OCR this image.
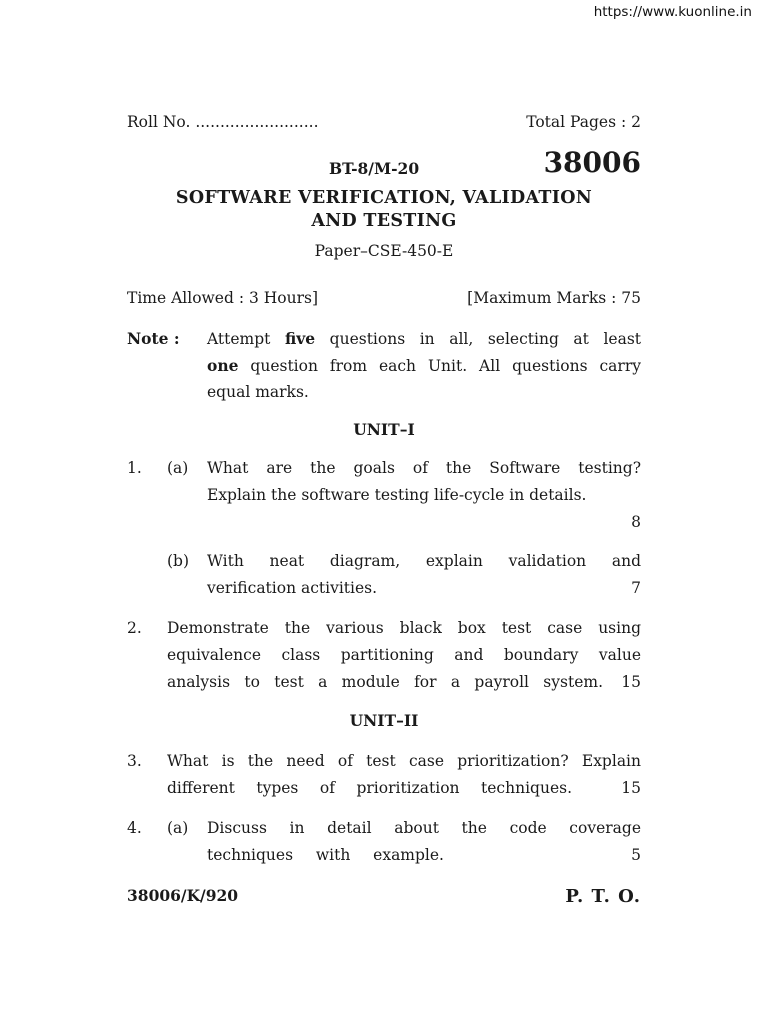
https://www.kuonline.in
Roll No. .........................	Total Pages : 2
BT-8/M-20	38006
SOFTWARE VERIFICATION, VALIDATION
AND TESTING
Paper–CSE-450-E
Time Allowed : 3 Hours]	[Maximum Marks : 75
Note : Attempt five questions in all, selecting at least
one question from each Unit. All questions carry
equal marks.
UNIT–I
1. (a) What are the goals of the Software testing?
Explain the software testing life-cycle in details.
8
(b) With neat diagram, explain validation and
verification activities.	7
2. Demonstrate the various black box test case using
equivalence class partitioning and boundary value
analysis to test a module for a payroll system. 15
UNIT–II
3. What is the need of test case prioritization? Explain
different types of prioritization techniques.	15
4. (a) Discuss in detail about the code coverage
techniques with example.	5
38006/K/920	P. T. O.
